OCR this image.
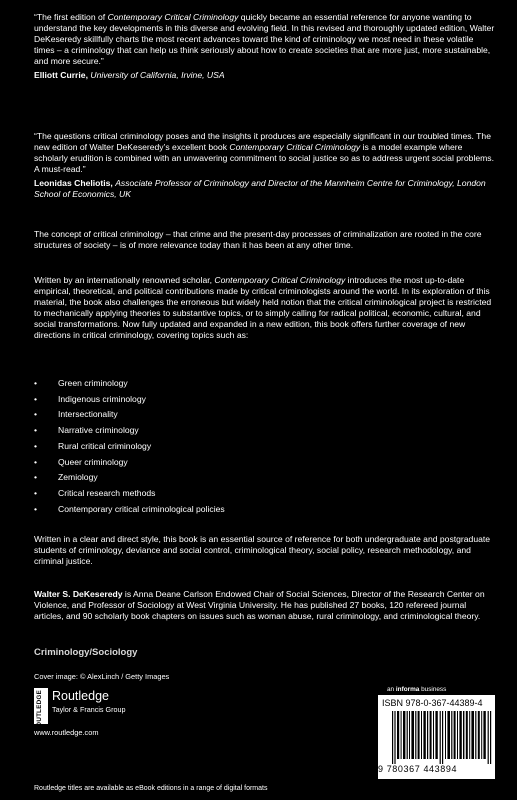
“The first edition of Contemporary Critical Criminology quickly became an essential reference for anyone wanting to understand the key developments in this diverse and evolving field. In this revised and thoroughly updated edition, Walter DeKeseredy skillfully charts the most recent advances toward the kind of criminology we most need in these volatile times – a criminology that can help us think seriously about how to create societies that are more just, more sustainable, and more secure.”

Elliott Currie, University of California, Irvine, USA

“The questions critical criminology poses and the insights it produces are especially significant in our troubled times. The new edition of Walter DeKeseredy’s excellent book Contemporary Critical Criminology is a model example where scholarly erudition is combined with an unwavering commitment to social justice so as to address urgent social problems. A must-read.”

Leonidas Cheliotis, Associate Professor of Criminology and Director of the Mannheim Centre for Criminology, London School of Economics, UK

The concept of critical criminology – that crime and the present-day processes of criminalization are rooted in the core structures of society – is of more relevance today than it has been at any other time.

Written by an internationally renowned scholar, Contemporary Critical Criminology introduces the most up-to-date empirical, theoretical, and political contributions made by critical criminologists around the world. In its exploration of this material, the book also challenges the erroneous but widely held notion that the critical criminological project is restricted to mechanically applying theories to substantive topics, or to simply calling for radical political, economic, cultural, and social transformations. Now fully updated and expanded in a new edition, this book offers further coverage of new directions in critical criminology, covering topics such as:

• Green criminology
• Indigenous criminology
• Intersectionality
• Narrative criminology
• Rural critical criminology
• Queer criminology
• Zemiology
• Critical research methods
• Contemporary critical criminological policies

Written in a clear and direct style, this book is an essential source of reference for both undergraduate and postgraduate students of criminology, deviance and social control, criminological theory, social policy, research methodology, and criminal justice.

Walter S. DeKeseredy is Anna Deane Carlson Endowed Chair of Social Sciences, Director of the Research Center on Violence, and Professor of Sociology at West Virginia University. He has published 27 books, 120 refereed journal articles, and 90 scholarly book chapters on issues such as woman abuse, rural criminology, and criminological theory.

Criminology/Sociology
Cover image: © AlexLinch / Getty Images
ROUTLEDGE Routledge
Taylor & Francis Group
www.routledge.com
an informa business
ISBN 978-0-367-44389-4
9 780367 443894
Routledge titles are available as eBook editions in a range of digital formats
